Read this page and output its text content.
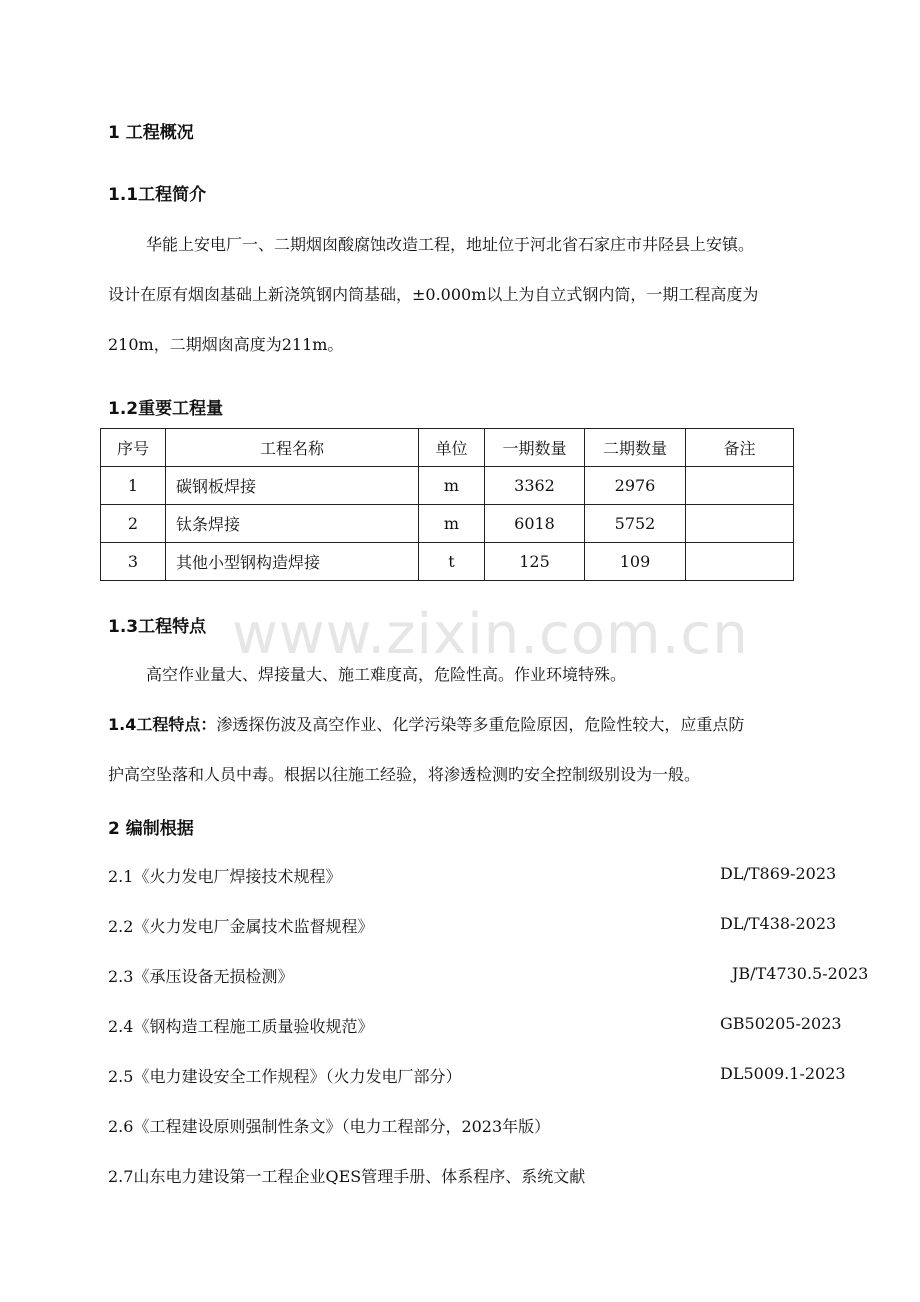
1 工程概况
1.1工程简介
华能上安电厂一、二期烟囱酸腐蚀改造工程，地址位于河北省石家庄市井陉县上安镇。
设计在原有烟囱基础上新浇筑钢内筒基础，±0.000m以上为自立式钢内筒，一期工程高度为
210m，二期烟囱高度为211m。
1.2重要工程量
序号	工程名称	单位	一期数量	二期数量	备注
1	碳钢板焊接	m	3362	2976	
2	钛条焊接	m	6018	5752	
3	其他小型钢构造焊接	t	125	109	
www.zixin.com.cn
1.3工程特点
高空作业量大、焊接量大、施工难度高，危险性高。作业环境特殊。
1.4工程特点：渗透探伤波及高空作业、化学污染等多重危险原因，危险性较大，应重点防
护高空坠落和人员中毒。根据以往施工经验，将渗透检测旳安全控制级别设为一般。
2 编制根据
2.1《火力发电厂焊接技术规程》	DL/T869-2023
2.2《火力发电厂金属技术监督规程》	DL/T438-2023
2.3《承压设备无损检测》	JB/T4730.5-2023
2.4《钢构造工程施工质量验收规范》	GB50205-2023
2.5《电力建设安全工作规程》（火力发电厂部分）	DL5009.1-2023
2.6《工程建设原则强制性条文》（电力工程部分，2023年版）
2.7山东电力建设第一工程企业QES管理手册、体系程序、系统文献
